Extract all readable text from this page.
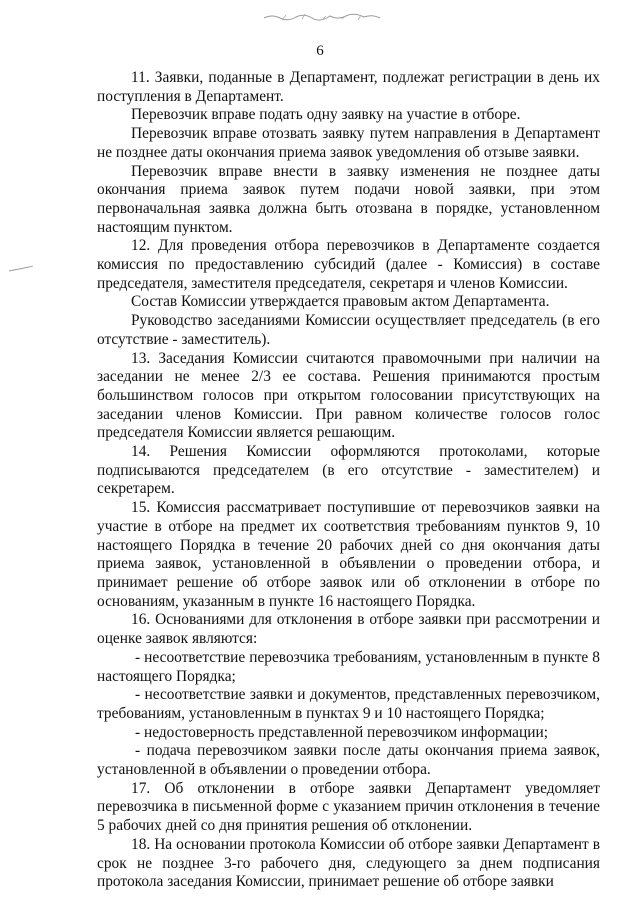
6

11. Заявки, поданные в Департамент, подлежат регистрации в день их поступления в Департамент.

Перевозчик вправе подать одну заявку на участие в отборе.

Перевозчик вправе отозвать заявку путем направления в Департамент не позднее даты окончания приема заявок уведомления об отзыве заявки.

Перевозчик вправе внести в заявку изменения не позднее даты окончания приема заявок путем подачи новой заявки, при этом первоначальная заявка должна быть отозвана в порядке, установленном настоящим пунктом.

12. Для проведения отбора перевозчиков в Департаменте создается комиссия по предоставлению субсидий (далее - Комиссия) в составе председателя, заместителя председателя, секретаря и членов Комиссии.

Состав Комиссии утверждается правовым актом Департамента.

Руководство заседаниями Комиссии осуществляет председатель (в его отсутствие - заместитель).

13. Заседания Комиссии считаются правомочными при наличии на заседании не менее 2/3 ее состава. Решения принимаются простым большинством голосов при открытом голосовании присутствующих на заседании членов Комиссии. При равном количестве голосов голос председателя Комиссии является решающим.

14. Решения Комиссии оформляются протоколами, которые подписываются председателем (в его отсутствие - заместителем) и секретарем.

15. Комиссия рассматривает поступившие от перевозчиков заявки на участие в отборе на предмет их соответствия требованиям пунктов 9, 10 настоящего Порядка в течение 20 рабочих дней со дня окончания даты приема заявок, установленной в объявлении о проведении отбора, и принимает решение об отборе заявок или об отклонении в отборе по основаниям, указанным в пункте 16 настоящего Порядка.

16. Основаниями для отклонения в отборе заявки при рассмотрении и оценке заявок являются:

- несоответствие перевозчика требованиям, установленным в пункте 8 настоящего Порядка;

- несоответствие заявки и документов, представленных перевозчиком, требованиям, установленным в пунктах 9 и 10 настоящего Порядка;

- недостоверность представленной перевозчиком информации;

- подача перевозчиком заявки после даты окончания приема заявок, установленной в объявлении о проведении отбора.

17. Об отклонении в отборе заявки Департамент уведомляет перевозчика в письменной форме с указанием причин отклонения в течение 5 рабочих дней со дня принятия решения об отклонении.

18. На основании протокола Комиссии об отборе заявки Департамент в срок не позднее 3-го рабочего дня, следующего за днем подписания протокола заседания Комиссии, принимает решение об отборе заявки
